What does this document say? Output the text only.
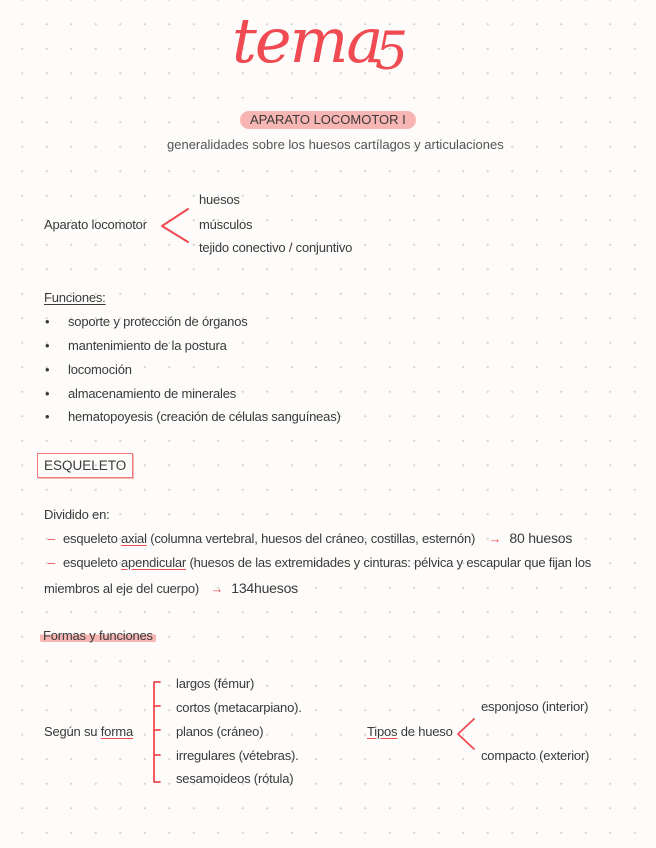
tema
5
APARATO LOCOMOTOR I
generalidades sobre los huesos cartílagos y articulaciones
Aparato locomotor
huesos
músculos
tejido conectivo / conjuntivo
Funciones:
• soporte y protección de órganos
• mantenimiento de la postura
• locomoción
• almacenamiento de minerales
• hematopoyesis (creación de células sanguíneas)
ESQUELETO
Dividido en:
– esqueleto axial (columna vertebral, huesos del cráneo, costillas, esternón) → 80 huesos
– esqueleto apendicular (huesos de las extremidades y cinturas: pélvica y escapular que fijan los
miembros al eje del cuerpo) → 134huesos
Formas y funciones
Según su forma
largos (fémur)
cortos (metacarpiano).
planos (cráneo)
irregulares (vétebras).
sesamoideos (rótula)
Tipos de hueso
esponjoso (interior)
compacto (exterior)
